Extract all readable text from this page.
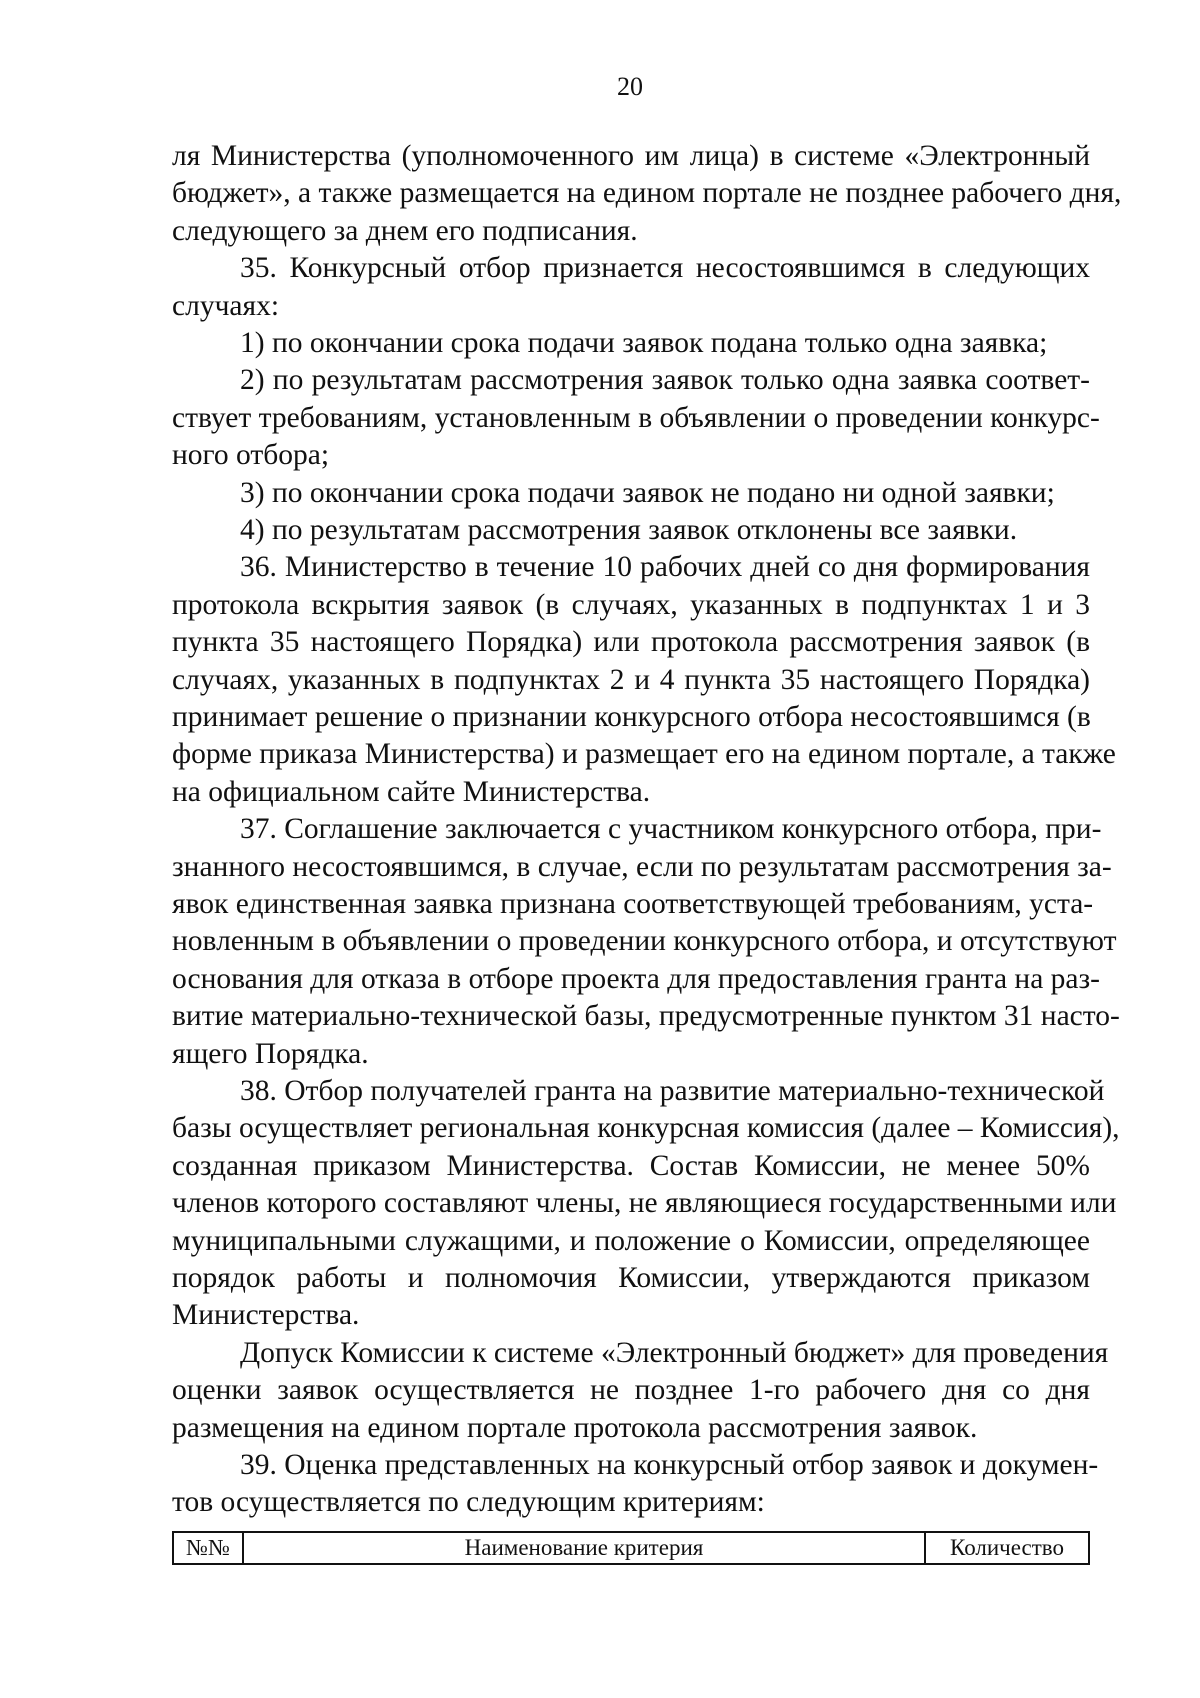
20
ля Министерства (уполномоченного им лица) в системе «Электронный
бюджет», а также размещается на едином портале не позднее рабочего дня,
следующего за днем его подписания.
35. Конкурсный отбор признается несостоявшимся в следующих
случаях:
1) по окончании срока подачи заявок подана только одна заявка;
2) по результатам рассмотрения заявок только одна заявка соответ-
ствует требованиям, установленным в объявлении о проведении конкурс-
ного отбора;
3) по окончании срока подачи заявок не подано ни одной заявки;
4) по результатам рассмотрения заявок отклонены все заявки.
36. Министерство в течение 10 рабочих дней со дня формирования
протокола вскрытия заявок (в случаях, указанных в подпунктах 1 и 3
пункта 35 настоящего Порядка) или протокола рассмотрения заявок (в
случаях, указанных в подпунктах 2 и 4 пункта 35 настоящего Порядка)
принимает решение о признании конкурсного отбора несостоявшимся (в
форме приказа Министерства) и размещает его на едином портале, а также
на официальном сайте Министерства.
37. Соглашение заключается с участником конкурсного отбора, при-
знанного несостоявшимся, в случае, если по результатам рассмотрения за-
явок единственная заявка признана соответствующей требованиям, уста-
новленным в объявлении о проведении конкурсного отбора, и отсутствуют
основания для отказа в отборе проекта для предоставления гранта на раз-
витие материально-технической базы, предусмотренные пунктом 31 насто-
ящего Порядка.
38. Отбор получателей гранта на развитие материально-технической
базы осуществляет региональная конкурсная комиссия (далее – Комиссия),
созданная приказом Министерства. Состав Комиссии, не менее 50%
членов которого составляют члены, не являющиеся государственными или
муниципальными служащими, и положение о Комиссии, определяющее
порядок работы и полномочия Комиссии, утверждаются приказом
Министерства.
Допуск Комиссии к системе «Электронный бюджет» для проведения
оценки заявок осуществляется не позднее 1-го рабочего дня со дня
размещения на едином портале протокола рассмотрения заявок.
39. Оценка представленных на конкурсный отбор заявок и докумен-
тов осуществляется по следующим критериям:
№№	Наименование критерия	Количество
